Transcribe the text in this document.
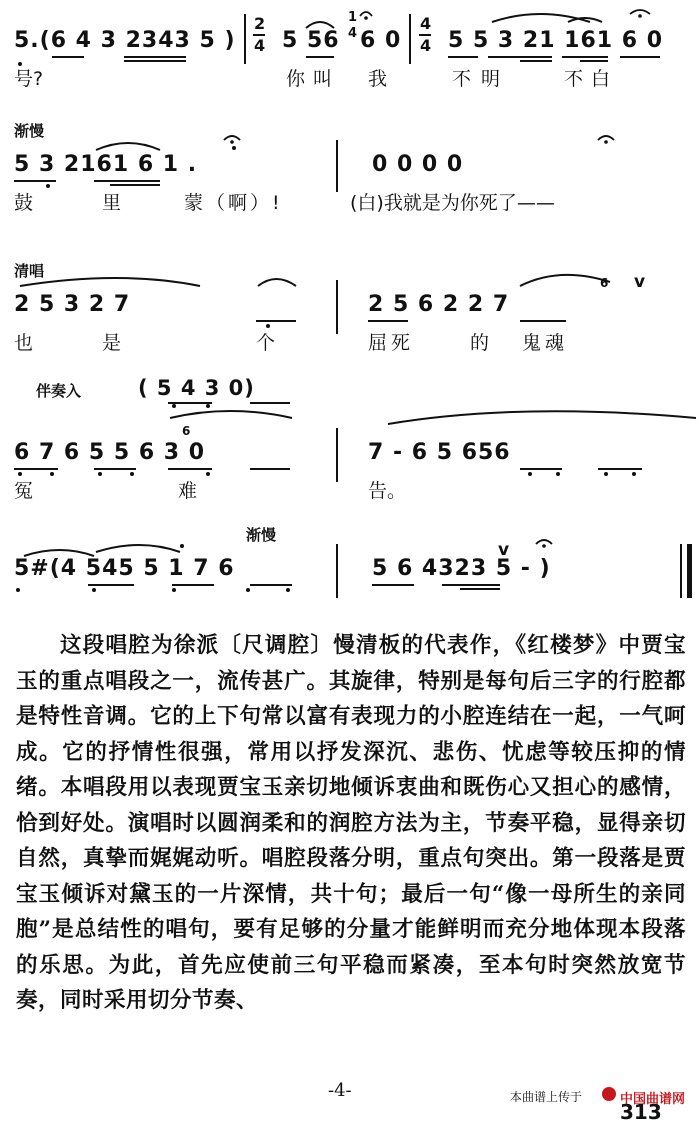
5.(6 4 3 2343 5 )
2
4 5 56
1
4 6 0
4
4 5 5 3 21 161 6 0
号?	你叫 我	不明	不白
渐慢
5 3 2161 6 1 .	0 0 0 0
鼓	里	蒙（啊）!	(白)我就是为你死了——
清唱
2 5 3 2 7	2 5 6 2 2 7
6 v
也	是	个	屈死	的 鬼魂
伴奏入	( 5 4 3 0)
6
6 7 6 5 5 6 3 0	7 - 6 5 656
冤	难	告。
渐慢
5#(4 545 5 1 7 6	5 6 4323 5 - )
v

这段唱腔为徐派〔尺调腔〕慢清板的代表作，《红楼梦》中贾宝玉的重点唱段之一，流传甚广。其旋律，特别是每句后三字的行腔都是特性音调。它的上下句常以富有表现力的小腔连结在一起，一气呵成。它的抒情性很强，常用以抒发深沉、悲伤、忧虑等较压抑的情绪。本唱段用以表现贾宝玉亲切地倾诉衷曲和既伤心又担心的感情，恰到好处。演唱时以圆润柔和的润腔方法为主，节奏平稳，显得亲切自然，真挚而娓娓动听。唱腔段落分明，重点句突出。第一段落是贾宝玉倾诉对黛玉的一片深情，共十句；最后一句“像一母所生的亲同胞”是总结性的唱句，要有足够的分量才能鲜明而充分地体现本段落的乐思。为此，首先应使前三句平稳而紧凑，至本句时突然放宽节奏，同时采用切分节奏、

-4-	本曲谱上传于	中国曲谱网
313
